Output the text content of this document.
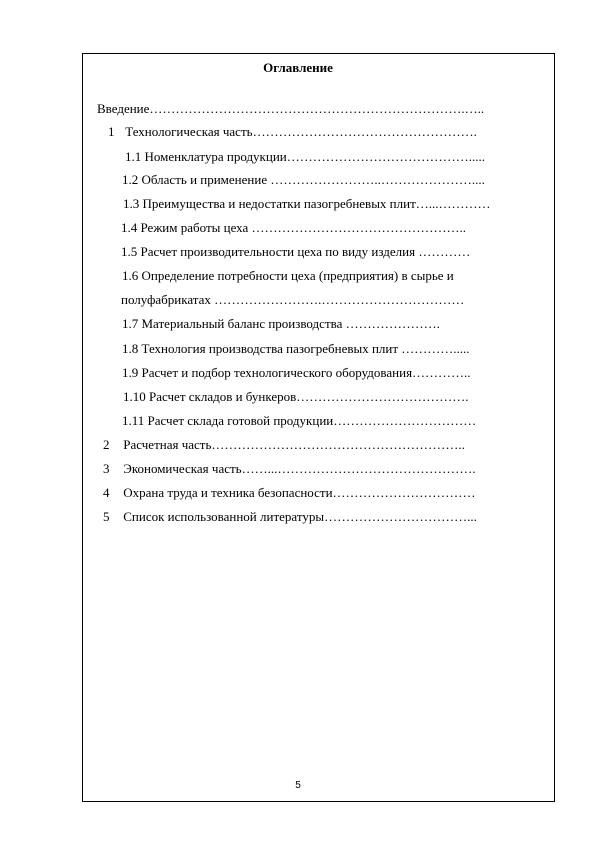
Оглавление
Введение……………………………………………………………….…..
1 Технологическая часть…………………………………………….
1.1 Номенклатура продукции…………………………………….....
1.2 Область и применение ……………………..…………………....
1.3 Преимущества и недостатки пазогребневых плит…...…………
1.4 Режим работы цеха …………………………………………..
1.5 Расчет производительности цеха по виду изделия …………
1.6 Определение потребности цеха (предприятия) в сырье и
полуфабрикатах …………………….……………………………
1.7 Материальный баланс производства ………………….
1.8 Технология производства пазогребневых плит ………….....
1.9 Расчет и подбор технологического оборудования…………..
1.10 Расчет складов и бункеров………………………………….
1.11 Расчет склада готовой продукции……………………………
2 Расчетная часть…………………………………………………..
3 Экономическая часть……...……………………………………….
4 Охрана труда и техника безопасности……………………………
5 Список использованной литературы……………………………...
5
